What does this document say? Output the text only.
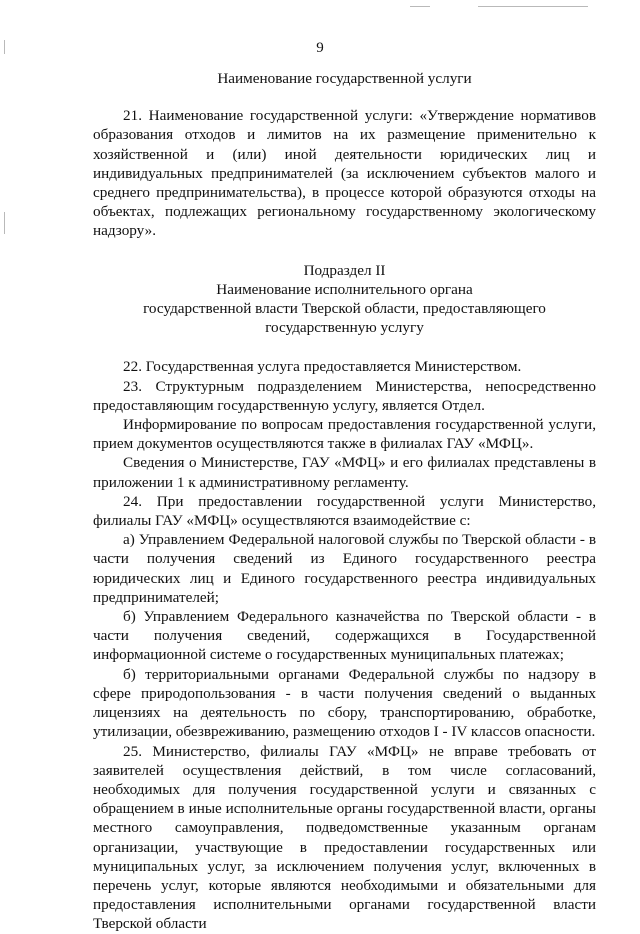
9

Наименование государственной услуги

21. Наименование государственной услуги: «Утверждение нормативов образования отходов и лимитов на их размещение применительно к хозяйственной и (или) иной деятельности юридических лиц и индивидуальных предпринимателей (за исключением субъектов малого и среднего предпринимательства), в процессе которой образуются отходы на объектах, подлежащих региональному государственному экологическому надзору».

Подраздел II

Наименование исполнительного органа

государственной власти Тверской области, предоставляющего

государственную услугу

22. Государственная услуга предоставляется Министерством.

23. Структурным подразделением Министерства, непосредственно предоставляющим государственную услугу, является Отдел.

Информирование по вопросам предоставления государственной услуги, прием документов осуществляются также в филиалах ГАУ «МФЦ».

Сведения о Министерстве, ГАУ «МФЦ» и его филиалах представлены в приложении 1 к административному регламенту.

24. При предоставлении государственной услуги Министерство, филиалы ГАУ «МФЦ» осуществляются взаимодействие с:

а) Управлением Федеральной налоговой службы по Тверской области - в части получения сведений из Единого государственного реестра юридических лиц и Единого государственного реестра индивидуальных предпринимателей;

б) Управлением Федерального казначейства по Тверской области - в части получения сведений, содержащихся в Государственной информационной системе о государственных муниципальных платежах;

б) территориальными органами Федеральной службы по надзору в сфере природопользования - в части получения сведений о выданных лицензиях на деятельность по сбору, транспортированию, обработке, утилизации, обезвреживанию, размещению отходов I - IV классов опасности.

25. Министерство, филиалы ГАУ «МФЦ» не вправе требовать от заявителей осуществления действий, в том числе согласований, необходимых для получения государственной услуги и связанных с обращением в иные исполнительные органы государственной власти, органы местного самоуправления, подведомственные указанным органам организации, участвующие в предоставлении государственных или муниципальных услуг, за исключением получения услуг, включенных в перечень услуг, которые являются необходимыми и обязательными для предоставления исполнительными органами государственной власти Тверской области
